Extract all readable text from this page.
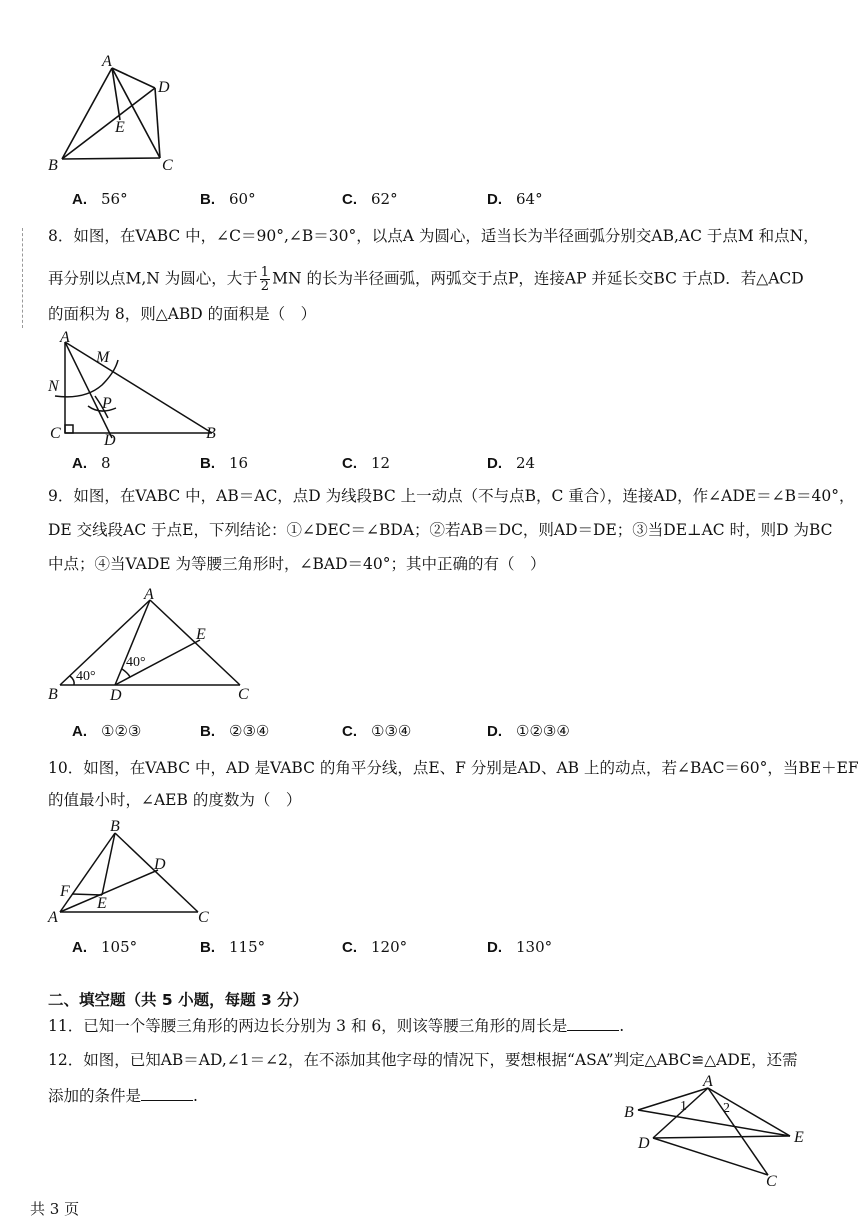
A
D
E
B	C
A. 56°	B. 60°	C. 62°	D. 64°
8．如图，在VABC 中，∠C＝90°,∠B＝30°，以点A 为圆心，适当长为半径画弧分别交AB,AC 于点M 和点N，
再分别以点M,N 为圆心，大于 $\frac{1}{2}$ MN 的长为半径画弧，两弧交于点P，连接AP 并延长交BC 于点D．若△ACD
的面积为 8，则△ABD 的面积是（　）
A
M
N
P
C	D	B
A. 8	B. 16	C. 12	D. 24
9．如图，在VABC 中，AB＝AC，点D 为线段BC 上一动点（不与点B，C 重合），连接AD，作∠ADE＝∠B＝40°，
DE 交线段AC 于点E，下列结论：①∠DEC＝∠BDA；②若AB＝DC，则AD＝DE；③当DE⊥AC 时，则D 为BC
中点；④当VADE 为等腰三角形时，∠BAD＝40°；其中正确的有（　）
A
E
B	D	C
40°
40°
A. ①②③	B. ②③④	C. ①③④	D. ①②③④
10．如图，在VABC 中，AD 是VABC 的角平分线，点E、F 分别是AD、AB 上的动点，若∠BAC＝60°，当BE＋EF
的值最小时，∠AEB 的度数为（　）
B
D
F
E
A	C
A. 105°	B. 115°	C. 120°	D. 130°
二、填空题（共 5 小题，每题 3 分）
11．已知一个等腰三角形的两边长分别为 3 和 6，则该等腰三角形的周长是	.
12．如图，已知AB＝AD,∠1＝∠2，在不添加其他字母的情况下，要想根据“ASA”判定△ABC≌△ADE，还需
添加的条件是	.
A
B
D	E
C
1	2
共 3 页
